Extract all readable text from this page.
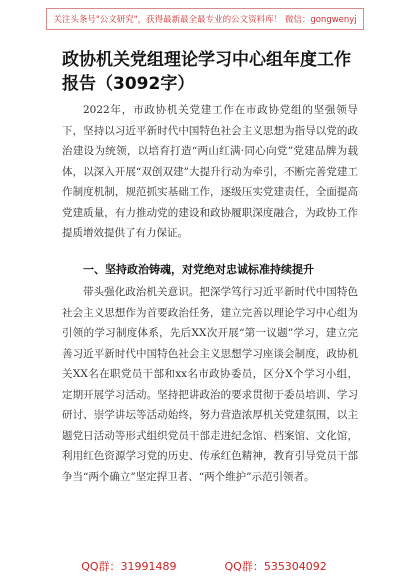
关注头条号"公文研究"，获得最新最全最专业的公文资料库！ 微信：gongwenyj
政协机关党组理论学习中心组年度工作报告（3092字）
2022年，市政协机关党建工作在市政协党组的坚强领导下，坚持以习近平新时代中国特色社会主义思想为指导以党的政治建设为统领，以培育打造“两山红满·同心向党”党建品牌为载体，以深入开展“双创双建”大提升行动为牵引，不断完善党建工作制度机制，规范抓实基础工作，逐级压实党建责任，全面提高党建质量，有力推动党的建设和政协履职深度融合，为政协工作提质增效提供了有力保证。
一、坚持政治铸魂，对党绝对忠诚标准持续提升
带头强化政治机关意识。把深学笃行习近平新时代中国特色社会主义思想作为首要政治任务，建立完善以理论学习中心组为引领的学习制度体系，先后XX次开展“第一议题”学习，建立完善习近平新时代中国特色社会主义思想学习座谈会制度，政协机关XX名在职党员干部和xx名市政协委员，区分X个学习小组，定期开展学习活动。坚持把讲政治的要求贯彻于委员培训、学习研讨、崇学讲坛等活动始终，努力营造浓厚机关党建氛围，以主题党日活动等形式组织党员干部走进纪念馆、档案馆、文化馆，利用红色资源学习党的历史、传承红色精神，教育引导党员干部争当“两个确立”坚定捍卫者、“两个维护”示范引领者。
QQ群：31991489	QQ群：535304092
